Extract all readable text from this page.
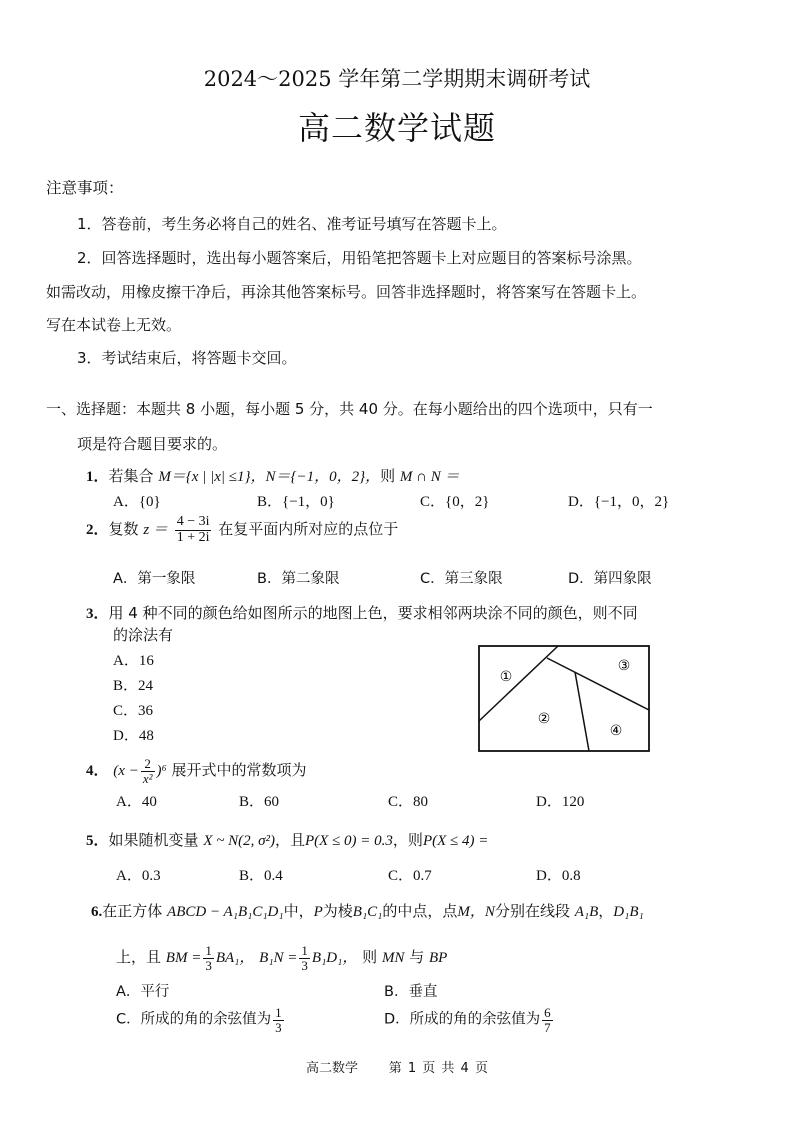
2024～2025 学年第二学期期末调研考试
高二数学试题
注意事项：
1．答卷前，考生务必将自己的姓名、准考证号填写在答题卡上。
2．回答选择题时，选出每小题答案后，用铅笔把答题卡上对应题目的答案标号涂黑。
如需改动，用橡皮擦干净后，再涂其他答案标号。回答非选择题时，将答案写在答题卡上。
写在本试卷上无效。
3．考试结束后，将答题卡交回。
一、选择题：本题共 8 小题，每小题 5 分，共 40 分。在每小题给出的四个选项中，只有一
项是符合题目要求的。
1．若集合 M＝{x | |x| ≤1}，N＝{−1，0，2}，则 M ∩ N ＝
A．{0}	B．{−1，0}	C．{0，2}	D．{−1，0，2}
2．复数 $z = \frac{4 - 3i}{1 + 2i}$ 在复平面内所对应的点位于
A．第一象限	B．第二象限	C．第三象限	D．第四象限
3．用 4 种不同的颜色给如图所示的地图上色，要求相邻两块涂不同的颜色，则不同
的涂法有
A．16
B．24
C．36
D．48
①
②
③
④
4． $(x - \frac{2}{\text{x²}} )^6$ 展开式中的常数项为
A．40	B．60	C．80	D．120
5．如果随机变量 X ~ N(2, σ²)，且P(X ≤ 0) = 0.3，则P(X ≤ 4) =
A．0.3	B．0.4	C．0.7	D．0.8
6.在正方体 ABCD − A₁B₁C₁D₁中，P为棱B₁C₁的中点，点M，N分别在线段 A₁B，D₁B₁
上，且 BM = $\frac{1}{3} BA_1$， $B_1N = \frac{1}{3} B_1D_1$， 则 MN 与 BP
A．平行	B．垂直
C．所成的角的余弦值为 $\frac{1}{3}$	D．所成的角的余弦值为 $\frac{6}{7}$
高二数学 第 1 页 共 4 页
